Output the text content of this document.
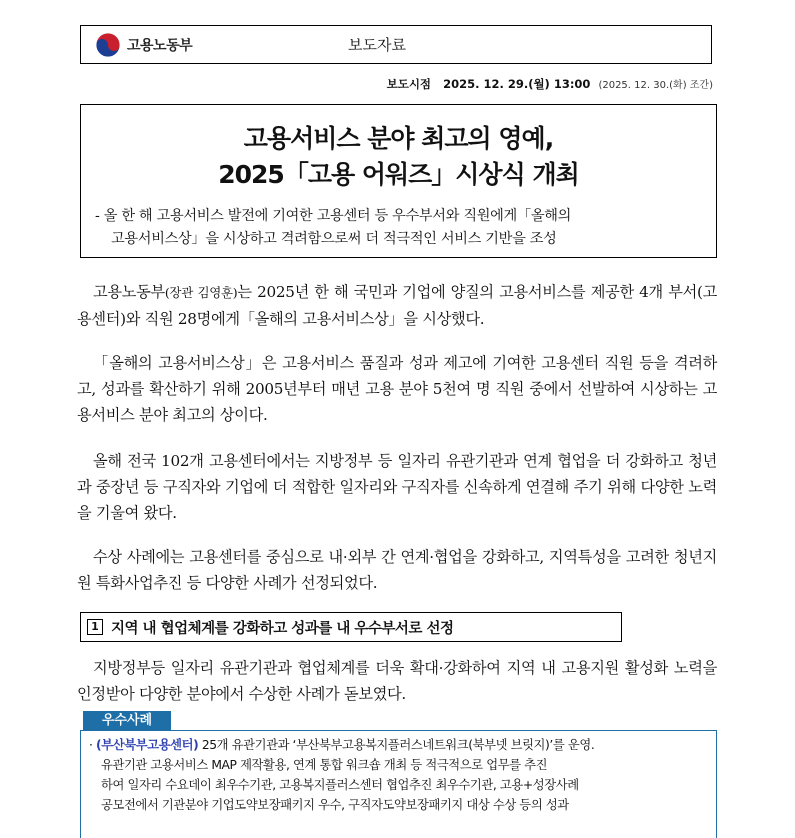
고용노동부	보도자료
보도시점 2025. 12. 29.(월) 13:00 (2025. 12. 30.(화) 조간)
고용서비스 분야 최고의 영예,
2025「고용 어워즈」시상식 개최
- 올 한 해 고용서비스 발전에 기여한 고용센터 등 우수부서와 직원에게「올해의
고용서비스상」을 시상하고 격려함으로써 더 적극적인 서비스 기반을 조성
고용노동부(장관 김영훈)는 2025년 한 해 국민과 기업에 양질의 고용서비스를 제공한 4개 부서(고용센터)와 직원 28명에게「올해의 고용서비스상」을 시상했다.
「올해의 고용서비스상」은 고용서비스 품질과 성과 제고에 기여한 고용센터 직원 등을 격려하고, 성과를 확산하기 위해 2005년부터 매년 고용 분야 5천여 명 직원 중에서 선발하여 시상하는 고용서비스 분야 최고의 상이다.
올해 전국 102개 고용센터에서는 지방정부 등 일자리 유관기관과 연계 협업을 더 강화하고 청년과 중장년 등 구직자와 기업에 더 적합한 일자리와 구직자를 신속하게 연결해 주기 위해 다양한 노력을 기울여 왔다.
수상 사례에는 고용센터를 중심으로 내·외부 간 연계·협업을 강화하고, 지역특성을 고려한 청년지원 특화사업추진 등 다양한 사례가 선정되었다.
1 지역 내 협업체계를 강화하고 성과를 내 우수부서로 선정
지방정부등 일자리 유관기관과 협업체계를 더욱 확대·강화하여 지역 내 고용지원 활성화 노력을 인정받아 다양한 분야에서 수상한 사례가 돋보였다.
우수사례
· (부산북부고용센터) 25개 유관기관과 ‘부산북부고용복지플러스네트워크(북부넷 브릿지)’를 운영.
유관기관 고용서비스 MAP 제작활용, 연계 통합 워크숍 개최 등 적극적으로 업무를 추진
하여 일자리 수요데이 최우수기관, 고용복지플러스센터 협업추진 최우수기관, 고용+성장사례
공모전에서 기관분야 기업도약보장패키지 우수, 구직자도약보장패키지 대상 수상 등의 성과
